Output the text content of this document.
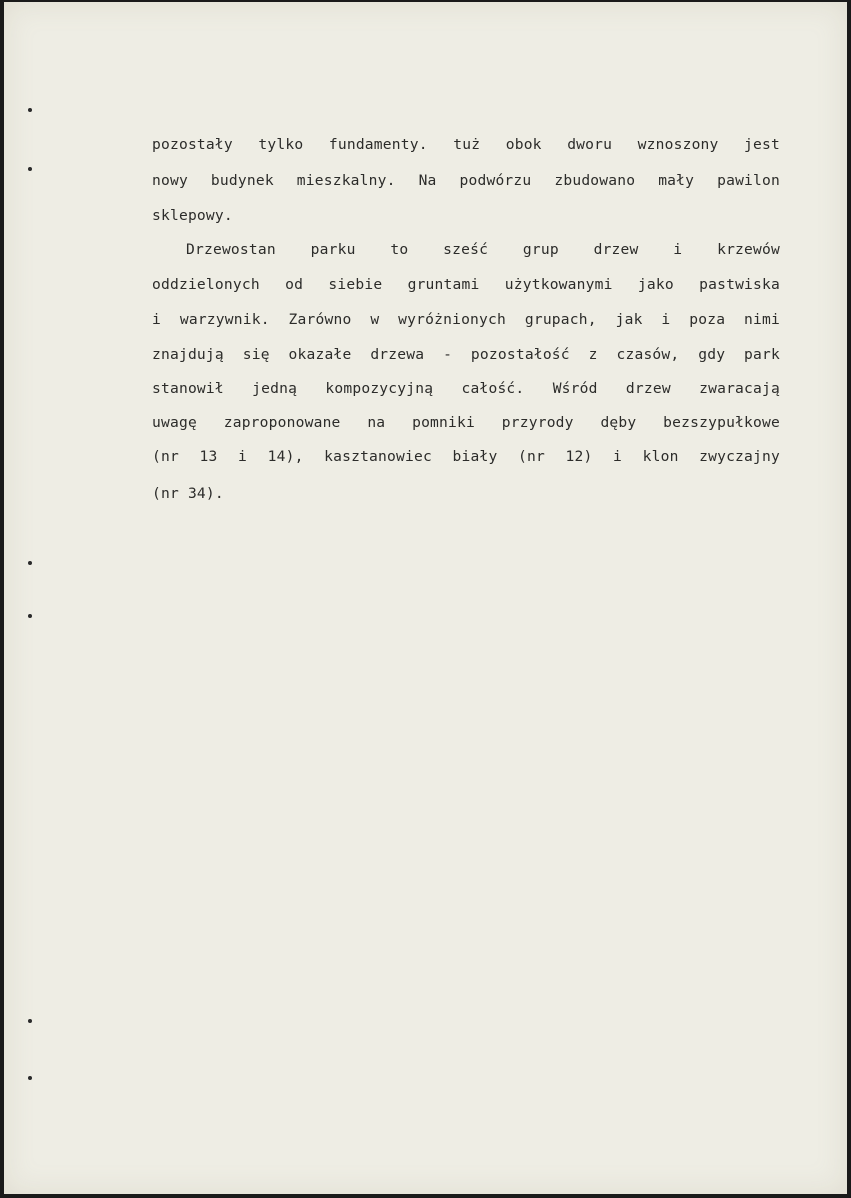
pozostały tylko fundamenty. tuż obok dworu wznoszony jest
nowy budynek mieszkalny. Na podwórzu zbudowano mały pawilon
sklepowy.
Drzewostan parku to sześć grup drzew i krzewów
oddzielonych od siebie gruntami użytkowanymi jako pastwiska
i warzywnik. Zarówno w wyróżnionych grupach, jak i poza nimi
znajdują się okazałe drzewa - pozostałość z czasów, gdy park
stanowił jedną kompozycyjną całość. Wśród drzew zwaracają
uwagę zaproponowane na pomniki przyrody dęby bezszypułkowe
(nr 13 i 14), kasztanowiec biały (nr 12) i klon zwyczajny
(nr 34).
